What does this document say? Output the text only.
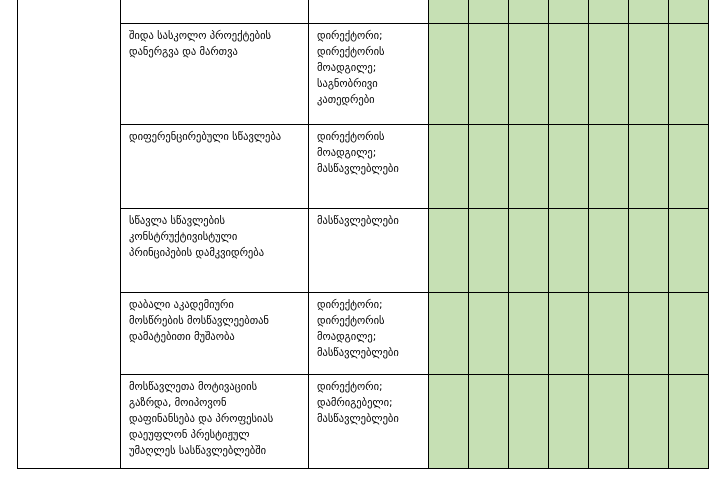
	შიდა სასკოლო პროექტების
დანერგვა და მართვა	დირექტორი;
დირექტორის
მოადგილე;
საგნობრივი
კათედრები							

	დიფერენცირებული სწავლება	დირექტორის
მოადგილე;
მასწავლებლები							

	სწავლა სწავლების
კონსტრუქტივისტული
პრინციპების დამკვიდრება	მასწავლებლები							

	დაბალი აკადემიური
მოსწრების მოსწავლეებთან
დამატებითი მუშაობა	დირექტორი;
დირექტორის
მოადგილე;
მასწავლებლები							

	მოსწავლეთა მოტივაციის
გაზრდა, მოიპოვონ
დაფინანსება და პროფესიას
დაეუფლონ პრესტიჟულ
უმაღლეს სასწავლებლებში	დირექტორი;
დამრიგებელი;
მასწავლებლები							
